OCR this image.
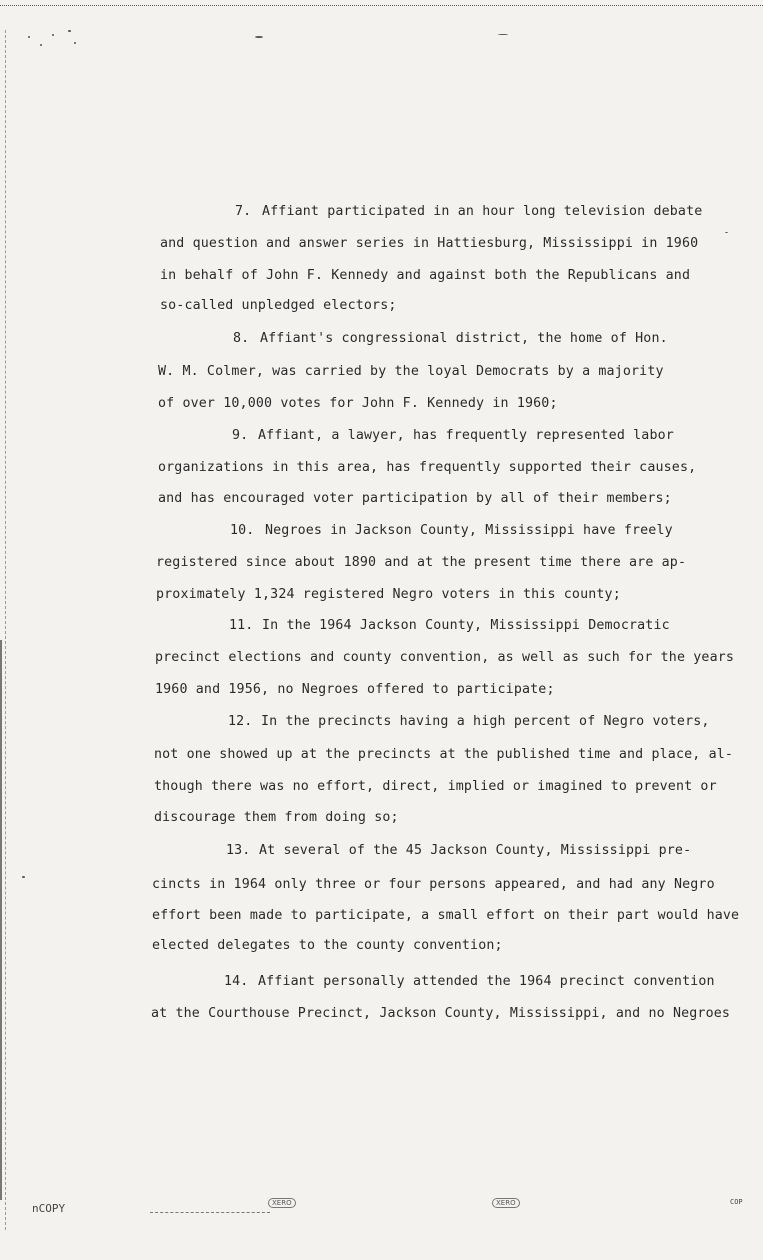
7. Affiant participated in an hour long television debate
and question and answer series in Hattiesburg, Mississippi in 1960
in behalf of John F. Kennedy and against both the Republicans and
so-called unpledged electors;
8. Affiant's congressional district, the home of Hon.
W. M. Colmer, was carried by the loyal Democrats by a majority
of over 10,000 votes for John F. Kennedy in 1960;
9. Affiant, a lawyer, has frequently represented labor
organizations in this area, has frequently supported their causes,
and has encouraged voter participation by all of their members;
10. Negroes in Jackson County, Mississippi have freely
registered since about 1890 and at the present time there are ap-
proximately 1,324 registered Negro voters in this county;
11. In the 1964 Jackson County, Mississippi Democratic
precinct elections and county convention, as well as such for the years
1960 and 1956, no Negroes offered to participate;
12. In the precincts having a high percent of Negro voters,
not one showed up at the precincts at the published time and place, al-
though there was no effort, direct, implied or imagined to prevent or
discourage them from doing so;
13. At several of the 45 Jackson County, Mississippi pre-
cincts in 1964 only three or four persons appeared, and had any Negro
effort been made to participate, a small effort on their part would have
elected delegates to the county convention;
14. Affiant personally attended the 1964 precinct convention
at the Courthouse Precinct, Jackson County, Mississippi, and no Negroes
nCOPY	XERO	XERO	COP
